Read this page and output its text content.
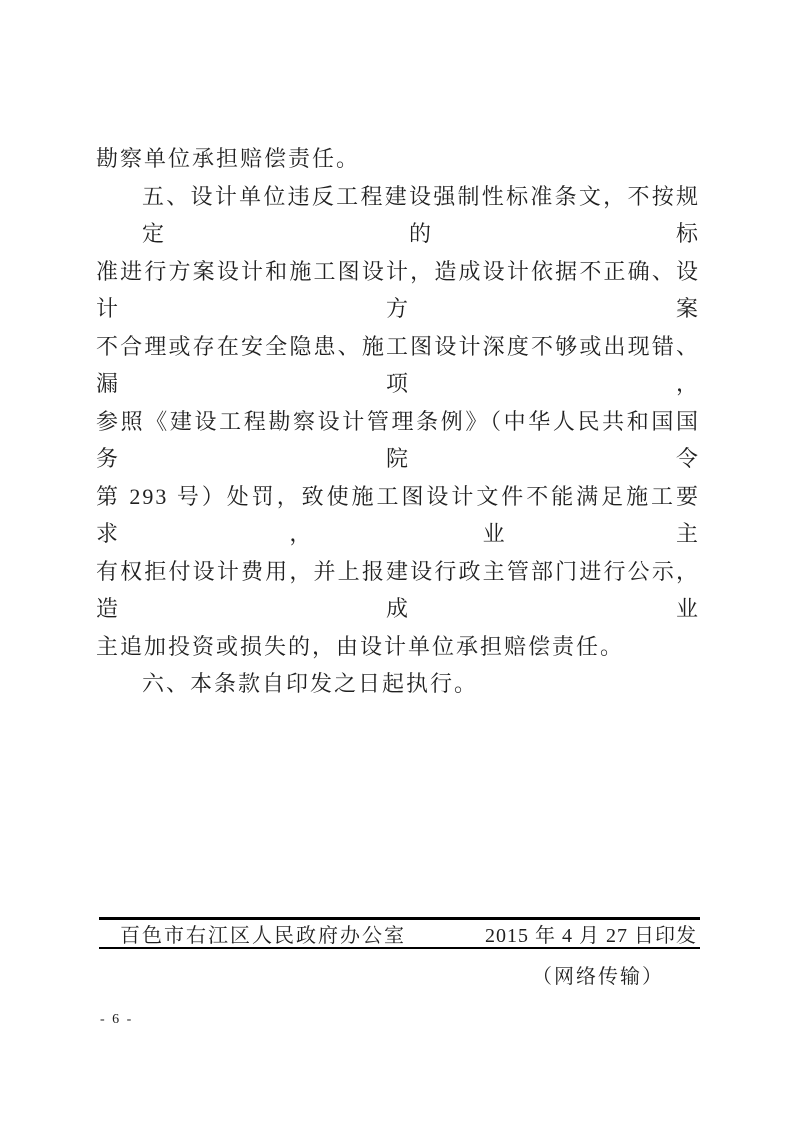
勘察单位承担赔偿责任。
五、设计单位违反工程建设强制性标准条文，不按规定的标
准进行方案设计和施工图设计，造成设计依据不正确、设计方案
不合理或存在安全隐患、施工图设计深度不够或出现错、漏项，
参照《建设工程勘察设计管理条例》（中华人民共和国国务院令
第 293 号）处罚，致使施工图设计文件不能满足施工要求，业主
有权拒付设计费用，并上报建设行政主管部门进行公示，造成业
主追加投资或损失的，由设计单位承担赔偿责任。
六、本条款自印发之日起执行。
百色市右江区人民政府办公室	2015 年 4 月 27 日印发
（网络传输）
- 6 -
